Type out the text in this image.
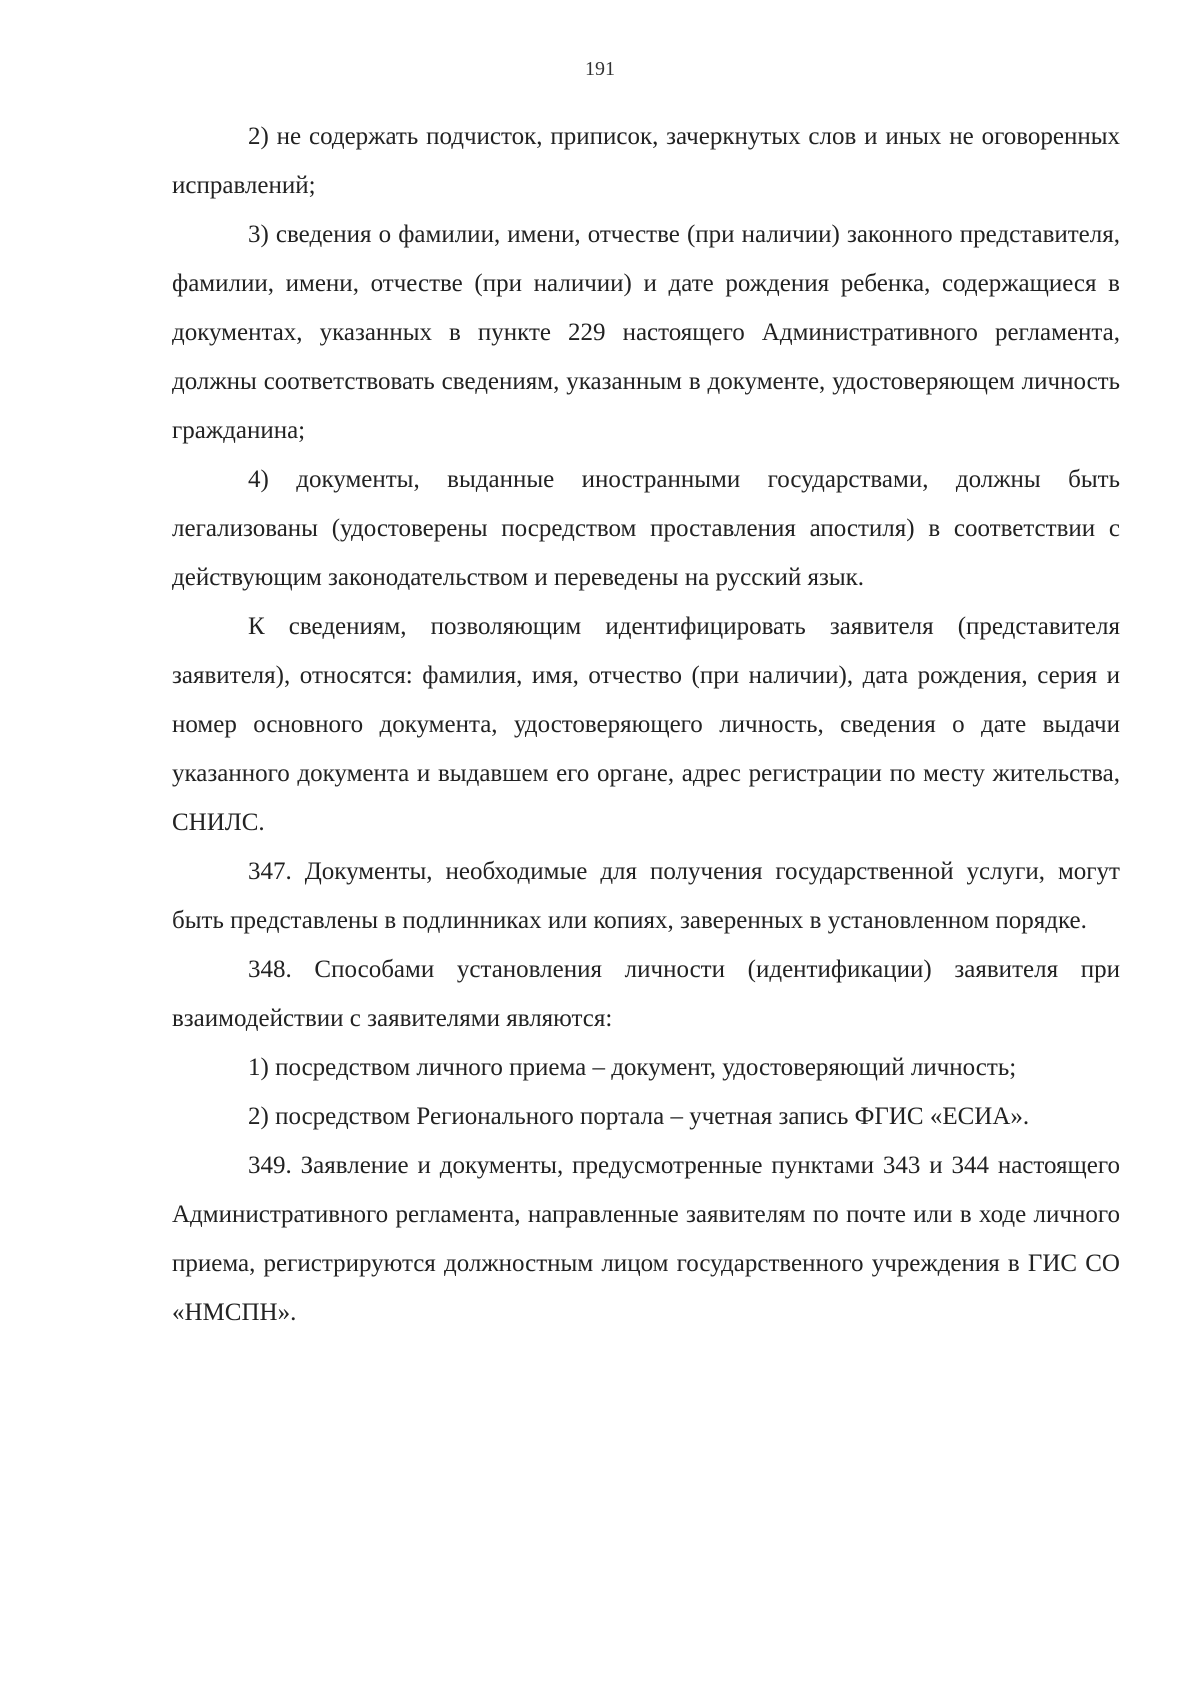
191

2) не содержать подчисток, приписок, зачеркнутых слов и иных не оговоренных исправлений;

3) сведения о фамилии, имени, отчестве (при наличии) законного представителя, фамилии, имени, отчестве (при наличии) и дате рождения ребенка, содержащиеся в документах, указанных в пункте 229 настоящего Административного регламента, должны соответствовать сведениям, указанным в документе, удостоверяющем личность гражданина;

4) документы, выданные иностранными государствами, должны быть легализованы (удостоверены посредством проставления апостиля) в соответствии с действующим законодательством и переведены на русский язык.

К сведениям, позволяющим идентифицировать заявителя (представителя заявителя), относятся: фамилия, имя, отчество (при наличии), дата рождения, серия и номер основного документа, удостоверяющего личность, сведения о дате выдачи указанного документа и выдавшем его органе, адрес регистрации по месту жительства, СНИЛС.

347. Документы, необходимые для получения государственной услуги, могут быть представлены в подлинниках или копиях, заверенных в установленном порядке.

348. Способами установления личности (идентификации) заявителя при взаимодействии с заявителями являются:

1) посредством личного приема – документ, удостоверяющий личность;

2) посредством Регионального портала – учетная запись ФГИС «ЕСИА».

349. Заявление и документы, предусмотренные пунктами 343 и 344 настоящего Административного регламента, направленные заявителям по почте или в ходе личного приема, регистрируются должностным лицом государственного учреждения в ГИС СО «НМСПН».
